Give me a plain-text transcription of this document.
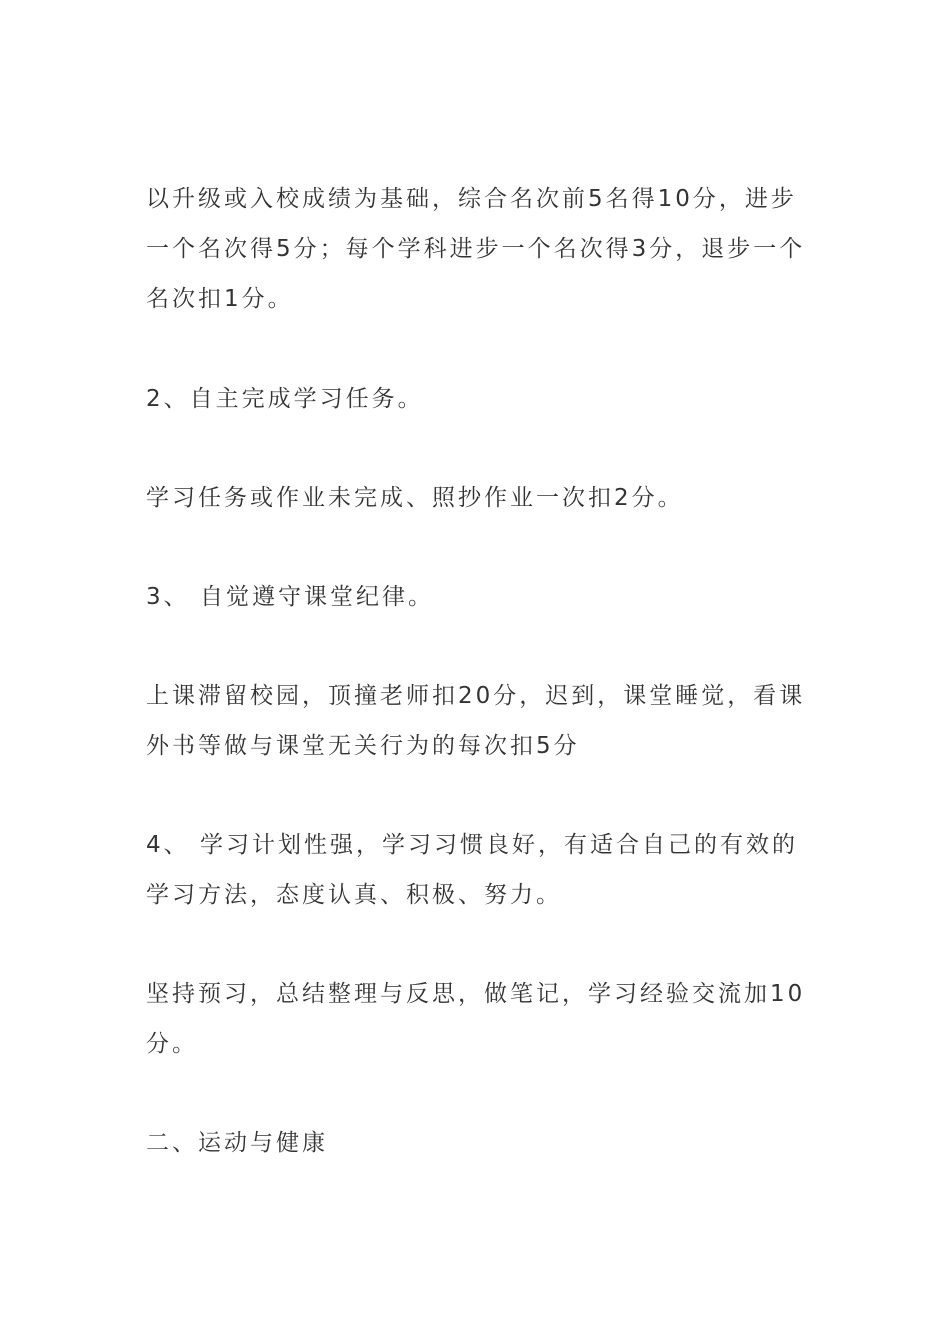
以升级或入校成绩为基础，综合名次前5名得10分，进步
一个名次得5分；每个学科进步一个名次得3分，退步一个
名次扣1分。

2、自主完成学习任务。

学习任务或作业未完成、照抄作业一次扣2分。

3、 自觉遵守课堂纪律。

上课滞留校园，顶撞老师扣20分，迟到，课堂睡觉，看课
外书等做与课堂无关行为的每次扣5分

4、 学习计划性强，学习习惯良好，有适合自己的有效的
学习方法，态度认真、积极、努力。

坚持预习，总结整理与反思，做笔记，学习经验交流加10
分。

二、运动与健康
